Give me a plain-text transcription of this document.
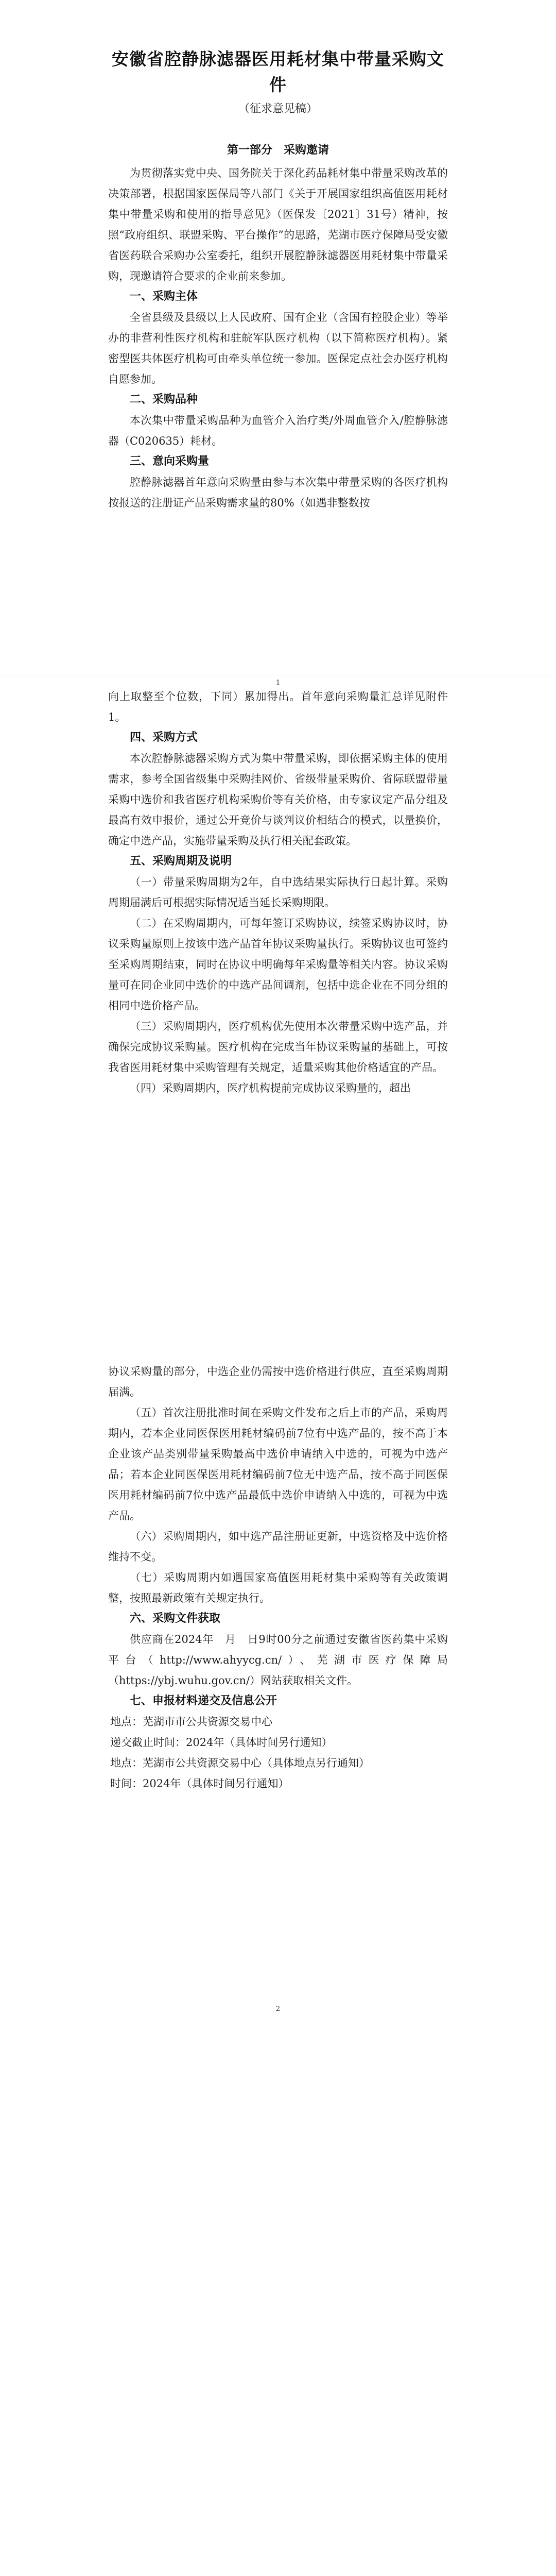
安徽省腔静脉滤器医用耗材集中带量采购文件
（征求意见稿）
第一部分　采购邀请

为贯彻落实党中央、国务院关于深化药品耗材集中带量采购改革的决策部署，根据国家医保局等八部门《关于开展国家组织高值医用耗材集中带量采购和使用的指导意见》（医保发〔2021〕31号）精神，按照“政府组织、联盟采购、平台操作”的思路，芜湖市医疗保障局受安徽省医药联合采购办公室委托，组织开展腔静脉滤器医用耗材集中带量采购，现邀请符合要求的企业前来参加。

一、采购主体

全省县级及县级以上人民政府、国有企业（含国有控股企业）等举办的非营利性医疗机构和驻皖军队医疗机构（以下简称医疗机构）。紧密型医共体医疗机构可由牵头单位统一参加。医保定点社会办医疗机构自愿参加。

二、采购品种

本次集中带量采购品种为血管介入治疗类/外周血管介入/腔静脉滤器（C020635）耗材。

三、意向采购量

腔静脉滤器首年意向采购量由参与本次集中带量采购的各医疗机构按报送的注册证产品采购需求量的80%（如遇非整数按

1

向上取整至个位数，下同）累加得出。首年意向采购量汇总详见附件1。

四、采购方式

本次腔静脉滤器采购方式为集中带量采购，即依据采购主体的使用需求，参考全国省级集中采购挂网价、省级带量采购价、省际联盟带量采购中选价和我省医疗机构采购价等有关价格，由专家议定产品分组及最高有效申报价，通过公开竞价与谈判议价相结合的模式，以量换价，确定中选产品，实施带量采购及执行相关配套政策。

五、采购周期及说明

（一）带量采购周期为2年，自中选结果实际执行日起计算。采购周期届满后可根据实际情况适当延长采购期限。

（二）在采购周期内，可每年签订采购协议，续签采购协议时，协议采购量原则上按该中选产品首年协议采购量执行。采购协议也可签约至采购周期结束，同时在协议中明确每年采购量等相关内容。协议采购量可在同企业同中选价的中选产品间调剂，包括中选企业在不同分组的相同中选价格产品。

（三）采购周期内，医疗机构优先使用本次带量采购中选产品，并确保完成协议采购量。医疗机构在完成当年协议采购量的基础上，可按我省医用耗材集中采购管理有关规定，适量采购其他价格适宜的产品。

（四）采购周期内，医疗机构提前完成协议采购量的，超出

2

协议采购量的部分，中选企业仍需按中选价格进行供应，直至采购周期届满。

（五）首次注册批准时间在采购文件发布之后上市的产品，采购周期内，若本企业同医保医用耗材编码前7位有中选产品的，按不高于本企业该产品类别带量采购最高中选价申请纳入中选的，可视为中选产品；若本企业同医保医用耗材编码前7位无中选产品，按不高于同医保医用耗材编码前7位中选产品最低中选价申请纳入中选的，可视为中选产品。

（六）采购周期内，如中选产品注册证更新，中选资格及中选价格维持不变。

（七）采购周期内如遇国家高值医用耗材集中采购等有关政策调整，按照最新政策有关规定执行。

六、采购文件获取

供应商在2024年　月　日9时00分之前通过安徽省医药集中采购平台（http://www.ahyycg.cn/）、芜湖市医疗保障局（https://ybj.wuhu.gov.cn/）网站获取相关文件。

七、申报材料递交及信息公开
地点：芜湖市市公共资源交易中心
递交截止时间：2024年（具体时间另行通知）
地点：芜湖市公共资源交易中心（具体地点另行通知）
时间：2024年（具体时间另行通知）
